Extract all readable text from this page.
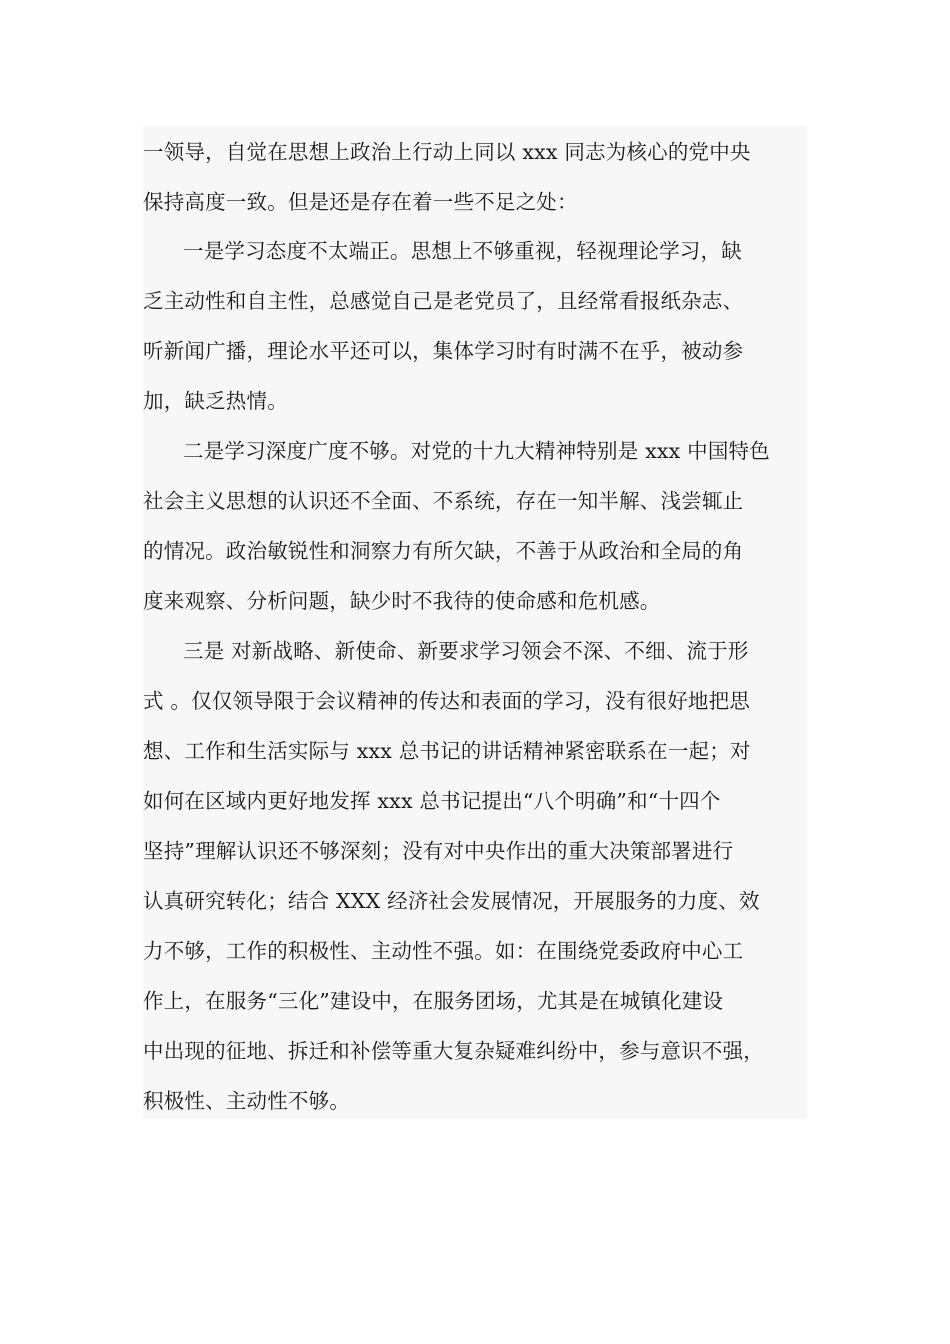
一领导，自觉在思想上政治上行动上同以 xxx 同志为核心的党中央
保持高度一致。但是还是存在着一些不足之处：
一是学习态度不太端正。思想上不够重视，轻视理论学习，缺
乏主动性和自主性，总感觉自己是老党员了，且经常看报纸杂志、
听新闻广播，理论水平还可以，集体学习时有时满不在乎，被动参
加，缺乏热情。
二是学习深度广度不够。对党的十九大精神特别是 xxx 中国特色
社会主义思想的认识还不全面、不系统，存在一知半解、浅尝辄止
的情况。政治敏锐性和洞察力有所欠缺，不善于从政治和全局的角
度来观察、分析问题，缺少时不我待的使命感和危机感。
三是 对新战略、新使命、新要求学习领会不深、不细、流于形
式 。仅仅领导限于会议精神的传达和表面的学习，没有很好地把思
想、工作和生活实际与 xxx 总书记的讲话精神紧密联系在一起；对
如何在区域内更好地发挥 xxx 总书记提出“八个明确”和“十四个
坚持”理解认识还不够深刻；没有对中央作出的重大决策部署进行
认真研究转化；结合 XXX 经济社会发展情况，开展服务的力度、效
力不够，工作的积极性、主动性不强。如：在围绕党委政府中心工
作上，在服务“三化”建设中，在服务团场，尤其是在城镇化建设
中出现的征地、拆迁和补偿等重大复杂疑难纠纷中，参与意识不强，
积极性、主动性不够。
